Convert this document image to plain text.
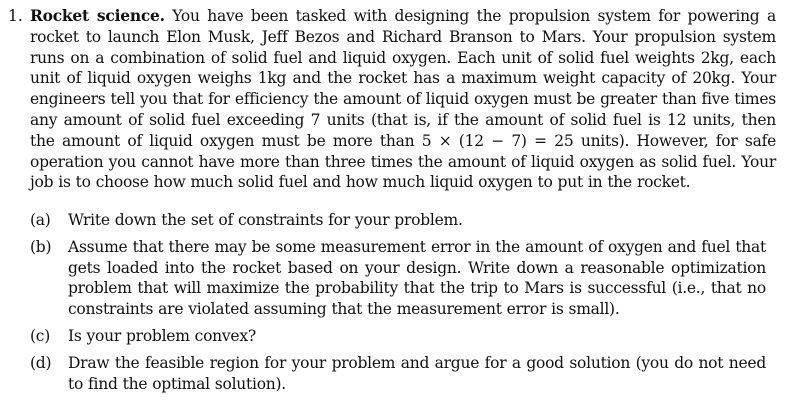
1. Rocket science. You have been tasked with designing the propulsion system for powering a rocket to launch Elon Musk, Jeff Bezos and Richard Branson to Mars. Your propulsion system runs on a combination of solid fuel and liquid oxygen. Each unit of solid fuel weights 2kg, each unit of liquid oxygen weighs 1kg and the rocket has a maximum weight capacity of 20kg. Your engineers tell you that for efficiency the amount of liquid oxygen must be greater than five times any amount of solid fuel exceeding 7 units (that is, if the amount of solid fuel is 12 units, then the amount of liquid oxygen must be more than 5 × (12 − 7) = 25 units). However, for safe operation you cannot have more than three times the amount of liquid oxygen as solid fuel. Your job is to choose how much solid fuel and how much liquid oxygen to put in the rocket.
(a) Write down the set of constraints for your problem.
(b) Assume that there may be some measurement error in the amount of oxygen and fuel that gets loaded into the rocket based on your design. Write down a reasonable optimization problem that will maximize the probability that the trip to Mars is successful (i.e., that no constraints are violated assuming that the measurement error is small).
(c) Is your problem convex?
(d) Draw the feasible region for your problem and argue for a good solution (you do not need to find the optimal solution).
